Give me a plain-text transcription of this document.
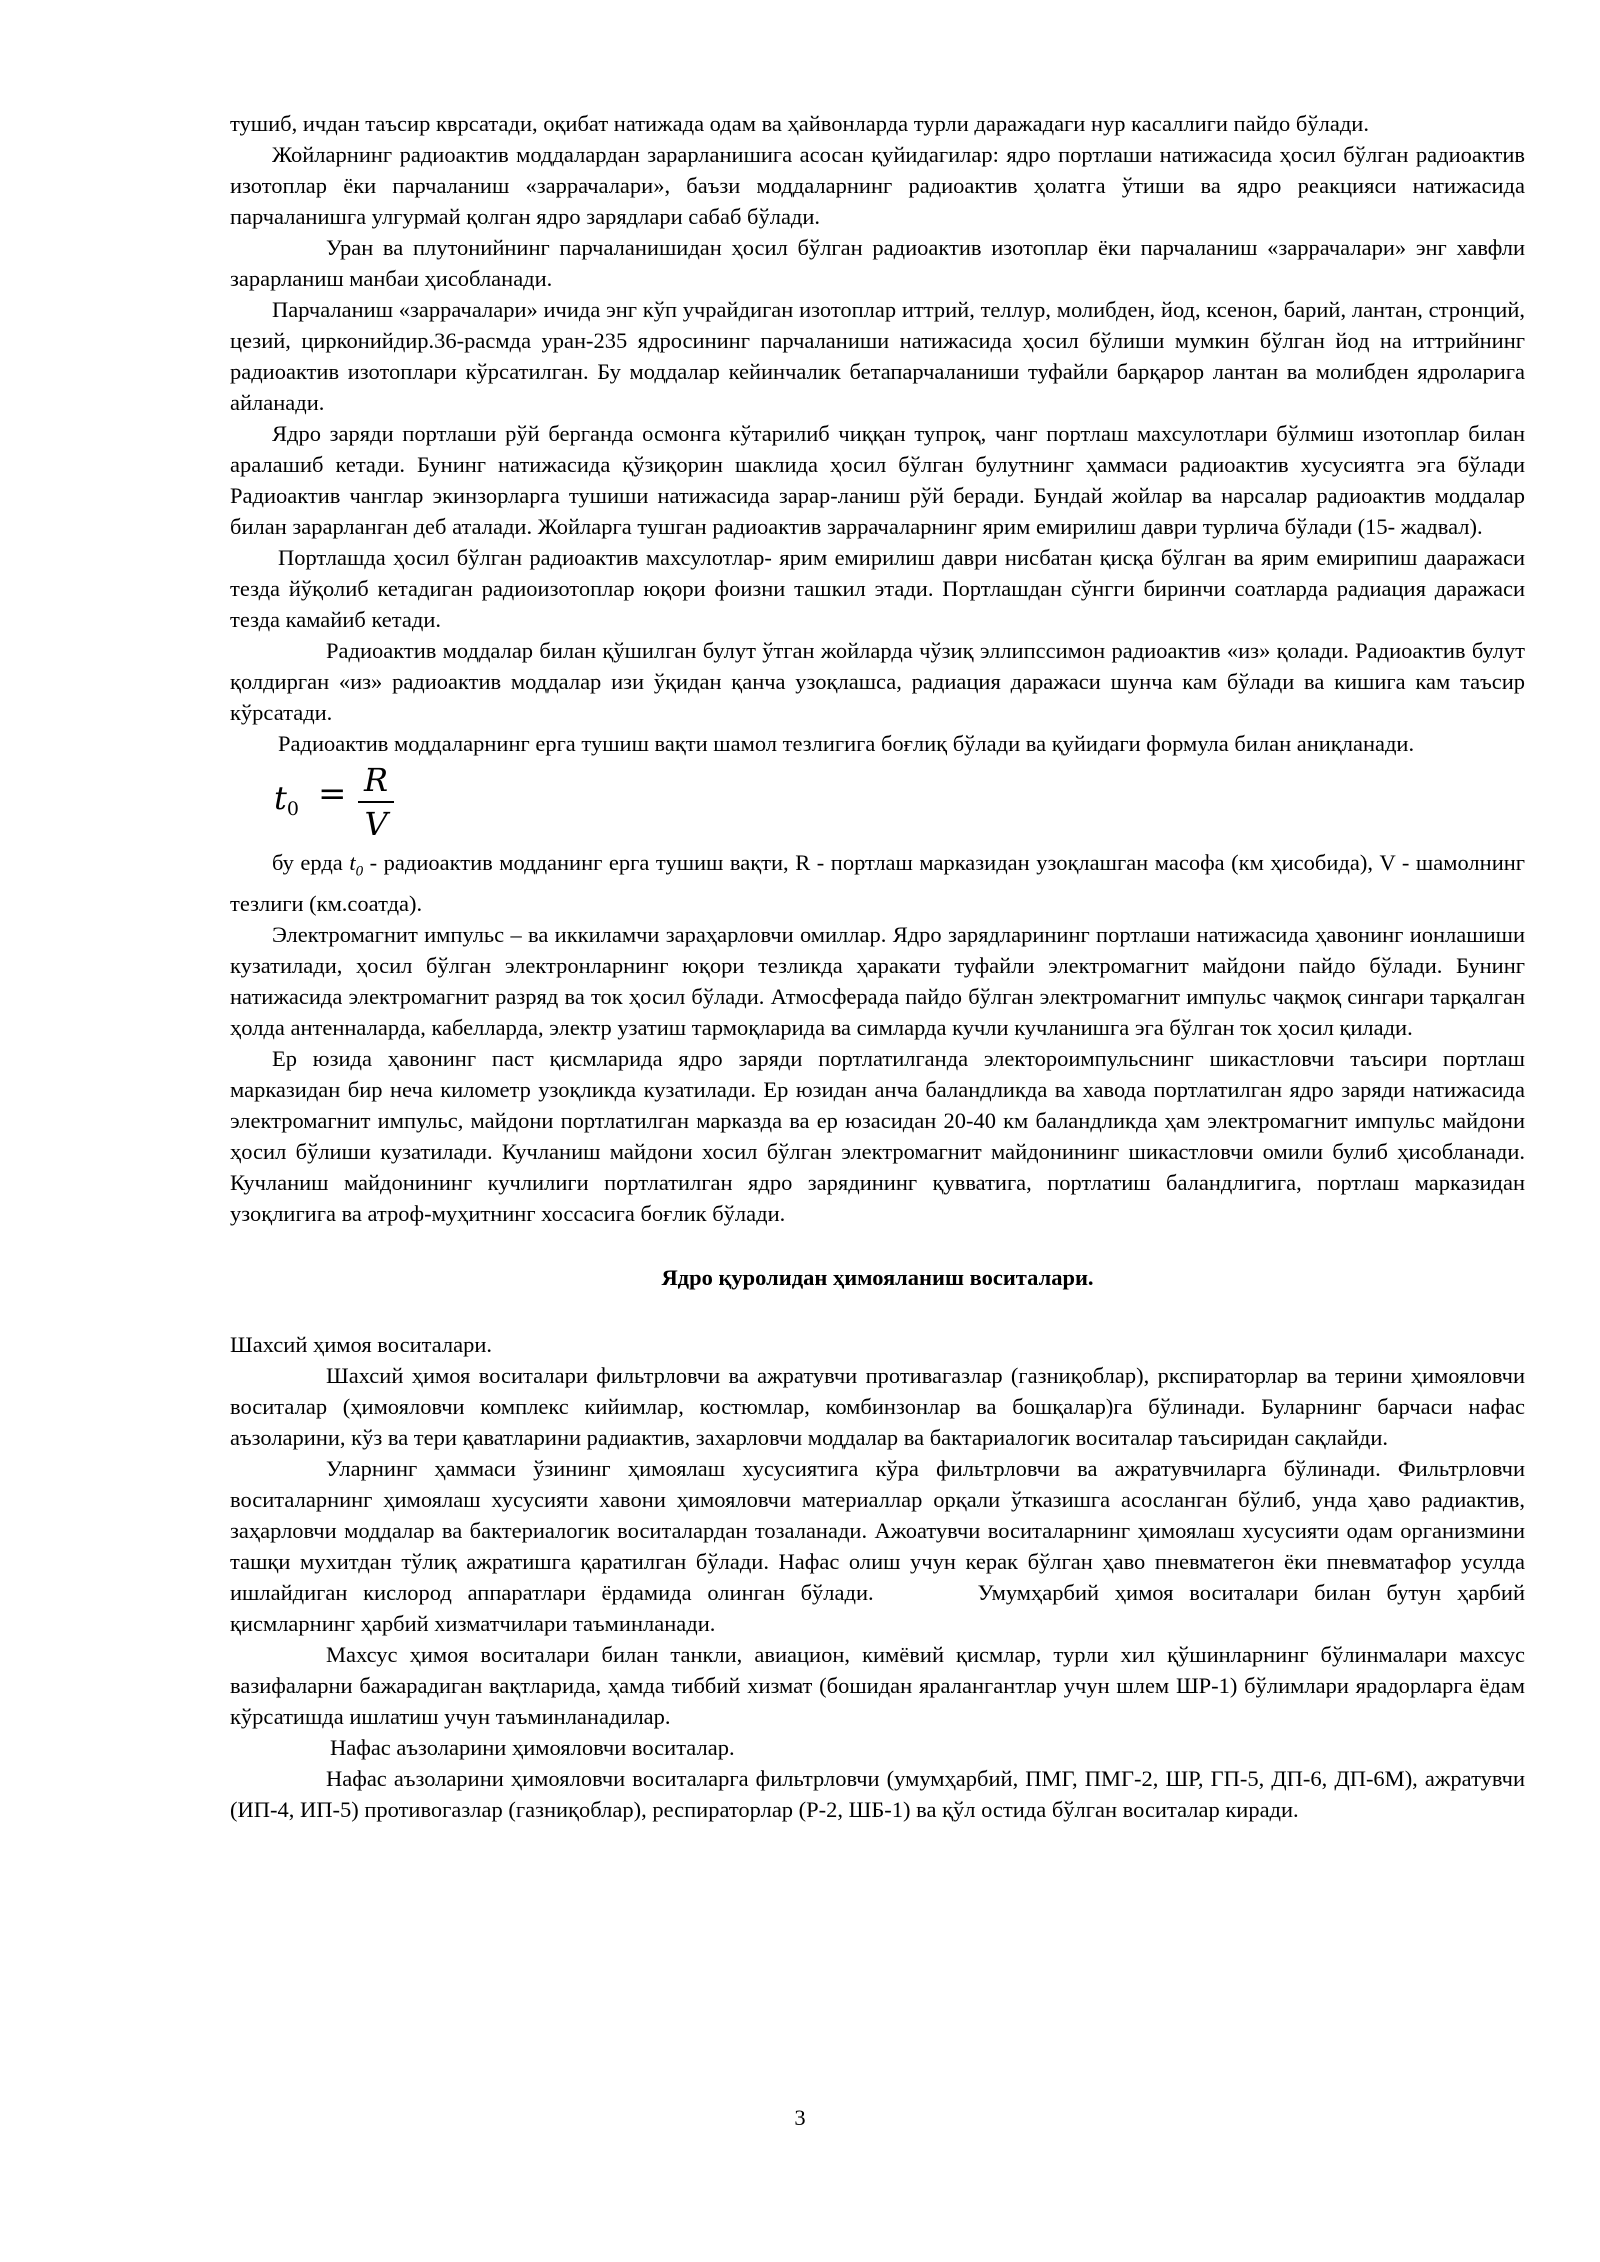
тушиб, ичдан таъсир кврсатади, оқибат натижада одам ва ҳайвонларда турли даражадаги нур касаллиги пайдо бўлади.

Жойларнинг радиоактив моддалардан зарарланишига асосан қуйидагилар: ядро портлаши натижасида ҳосил бўлган радиоактив изотоплар ёки парчаланиш «заррачалари», баъзи моддаларнинг радиоактив ҳолатга ўтиши ва ядро реакцияси натижасида парчаланишга улгурмай қолган ядро зарядлари сабаб бўлади.

Уран ва плутонийнинг парчаланишидан ҳосил бўлган радиоактив изотоплар ёки парчаланиш «заррачалари» энг хавфли зарарланиш манбаи ҳисобланади.

Парчаланиш «заррачалари» ичида энг кўп учрайдиган изотоплар иттрий, теллур, молибден, йод, ксенон, барий, лантан, стронций, цезий, цирконийдир.36-расмда уран-235 ядросининг парчаланиши натижасида ҳосил бўлиши мумкин бўлган йод на иттрийнинг радиоактив изотоплари кўрсатилган. Бу моддалар кейинчалик бетапарчаланиши туфайли барқарор лантан ва молибден ядроларига айланади.

Ядро заряди портлаши рўй берганда осмонга кўтарилиб чиққан тупроқ, чанг портлаш махсулотлари бўлмиш изотоплар билан аралашиб кетади. Бунинг натижасида қўзиқорин шаклида ҳосил бўлган булутнинг ҳаммаси радиоактив хусусиятга эга бўлади Радиоактив чанглар экинзорларга тушиши натижасида зарар-ланиш рўй беради. Бундай жойлар ва нарсалар радиоактив моддалар билан зарарланган деб аталади. Жойларга тушган радиоактив заррачаларнинг ярим емирилиш даври турлича бўлади (15- жадвал).

Портлашда ҳосил бўлган радиоактив махсулотлар- ярим емирилиш даври нисбатан қисқа бўлган ва ярим емирипиш дааражаси тезда йўқолиб кетадиган радиоизотоплар юқори фоизни ташкил этади. Портлашдан сўнгги биринчи соатларда радиация даражаси тезда камайиб кетади.

Радиоактив моддалар билан қўшилган булут ўтган жойларда чўзиқ эллипссимон радиоактив «из» қолади. Радиоактив булут қолдирган «из» радиоактив моддалар изи ўқидан қанча узоқлашса, радиация даражаси шунча кам бўлади ва кишига кам таъсир кўрсатади.

Радиоактив моддаларнинг ерга тушиш вақти шамол тезлигига боғлиқ бўлади ва қуйидаги формула билан аниқланади.

$t_0 = R$
V

бу ерда $t_0$ - радиоактив модданинг ерга тушиш вақти, R - портлаш марказидан узоқлашган масофа (км ҳисобида), V - шамолнинг тезлиги (км.соатда).

Электромагнит импульс – ва иккиламчи зараҳарловчи омиллар. Ядро зарядларининг портлаши натижасида ҳавонинг ионлашиши кузатилади, ҳосил бўлган электронларнинг юқори тезликда ҳаракати туфайли электромагнит майдони пайдо бўлади. Бунинг натижасида электромагнит разряд ва ток ҳосил бўлади. Атмосферада пайдо бўлган электромагнит импульс чақмоқ сингари тарқалган ҳолда антенналарда, кабелларда, электр узатиш тармоқларида ва симларда кучли кучланишга эга бўлган ток ҳосил қилади.

Ер юзида ҳавонинг паст қисмларида ядро заряди портлатилганда электороимпульснинг шикастловчи таъсири портлаш марказидан бир неча километр узоқликда кузатилади. Ер юзидан анча баландликда ва хавода портлатилган ядро заряди натижасида электромагнит импульс, майдони портлатилган марказда ва ер юзасидан 20-40 км баландликда ҳам электромагнит импульс майдони ҳосил бўлиши кузатилади. Кучланиш майдони хосил бўлган электромагнит майдонининг шикастловчи омили булиб ҳисобланади. Кучланиш майдонининг кучлилиги портлатилган ядро зарядининг қувватига, портлатиш баландлигига, портлаш марказидан узоқлигига ва атроф-муҳитнинг хоссасига боғлик бўлади.

Ядро қуролидан ҳимояланиш воситалари.

Шахсий ҳимоя воситалари.

Шахсий ҳимоя воситалари фильтрловчи ва ажратувчи противагазлар (газниқоблар), ркспираторлар ва терини ҳимояловчи воситалар (ҳимояловчи комплекс кийимлар, костюмлар, комбинзонлар ва бошқалар)га бўлинади. Буларнинг барчаси нафас аъзоларини, кўз ва тери қаватларини радиактив, захарловчи моддалар ва бактариалогик воситалар таъсиридан сақлайди.

Уларнинг ҳаммаси ўзининг ҳимоялаш хусусиятига кўра фильтрловчи ва ажратувчиларга бўлинади. Фильтрловчи воситаларнинг ҳимоялаш хусусияти хавони ҳимояловчи материаллар орқали ўтказишга асосланган бўлиб, унда ҳаво радиактив, заҳарловчи моддалар ва бактериалогик воситалардан тозаланади. Ажоатувчи воситаларнинг ҳимоялаш хусусияти одам организмини ташқи мухитдан тўлиқ ажратишга қаратилган бўлади. Нафас олиш учун керак бўлган ҳаво пневматегон ёки пневматафор усулда ишлайдиган кислород аппаратлари ёрдамида олинган бўлади.	Умумҳарбий ҳимоя воситалари билан бутун ҳарбий қисмларнинг ҳарбий хизматчилари таъминланади.

Махсус ҳимоя воситалари билан танкли, авиацион, кимёвий қисмлар, турли хил қўшинларнинг бўлинмалари махсус вазифаларни бажарадиган вақтларида, ҳамда тиббий хизмат (бошидан яралангантлар учун шлем ШР-1) бўлимлари ярадорларга ёдам кўрсатишда ишлатиш учун таъминланадилар.

Нафас аъзоларини ҳимояловчи воситалар.

Нафас аъзоларини ҳимояловчи воситаларга фильтрловчи (умумҳарбий, ПМГ, ПМГ-2, ШР, ГП-5, ДП-6, ДП-6М), ажратувчи (ИП-4, ИП-5) противогазлар (газниқоблар), респираторлар (Р-2, ШБ-1) ва қўл остида бўлган воситалар киради.

3
